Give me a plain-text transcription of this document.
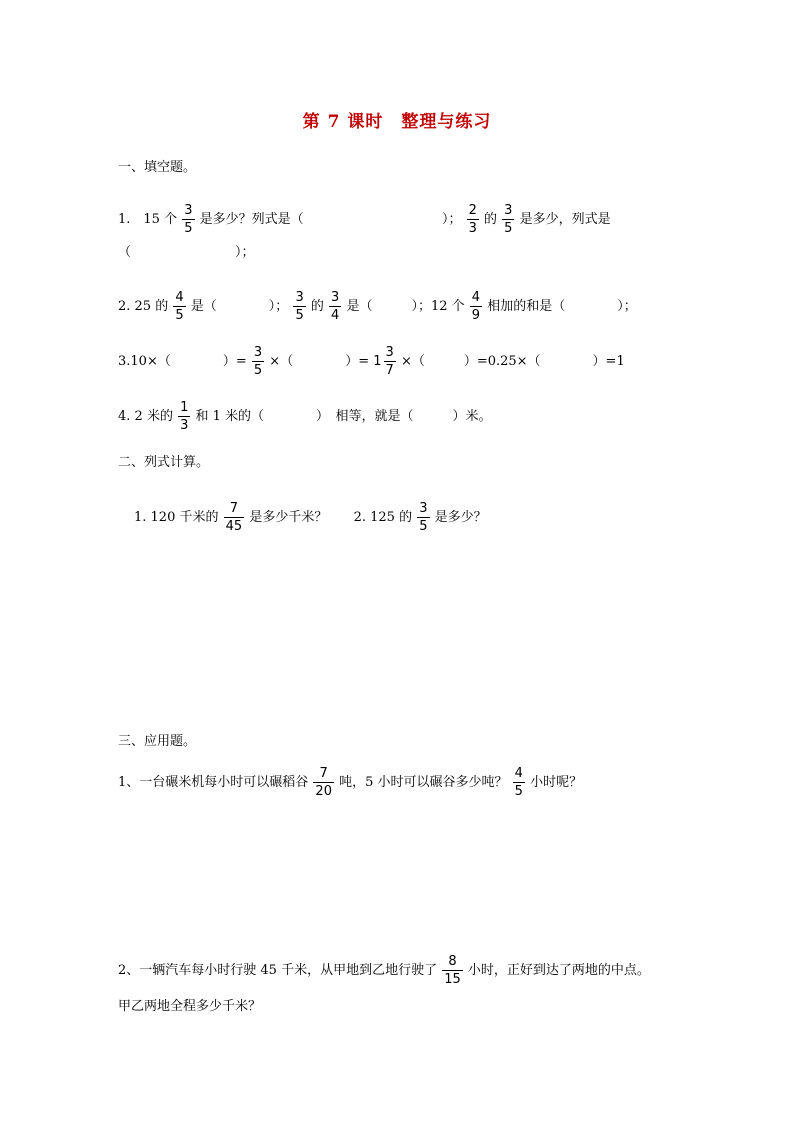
第 7 课时　整理与练习
一、填空题。
1.　15 个 $\frac{3}{5}$ 是多少？列式是（	）； $\frac{2}{3}$ 的 $\frac{3}{5}$ 是多少，列式是
（　　　　　　　　）；
2. 25 的 $\frac{4}{5}$ 是（　　　　）； $\frac{3}{5}$ 的 $\frac{3}{4}$ 是（　　　）；12 个 $\frac{4}{9}$ 相加的和是（　　　　）；
3.10×（　　　　）= $\frac{3}{5}$ ×（　　　　）= $1 \frac{3}{7}$ ×（　　　）=0.25×（　　　　）=1
4. 2 米的 $\frac{1}{3}$ 和 1 米的（　　　　）　相等，就是（　　　）米。
二、列式计算。
1. 120 千米的 $\frac{7}{45}$ 是多少千米？ 2. 125 的 $\frac{3}{5}$ 是多少？
三、应用题。
1、一台碾米机每小时可以碾稻谷 $\frac{7}{20}$ 吨，5 小时可以碾谷多少吨？ $\frac{4}{5}$ 小时呢？
2、一辆汽车每小时行驶 45 千米，从甲地到乙地行驶了 $\frac{8}{15}$ 小时，正好到达了两地的中点。
甲乙两地全程多少千米？
